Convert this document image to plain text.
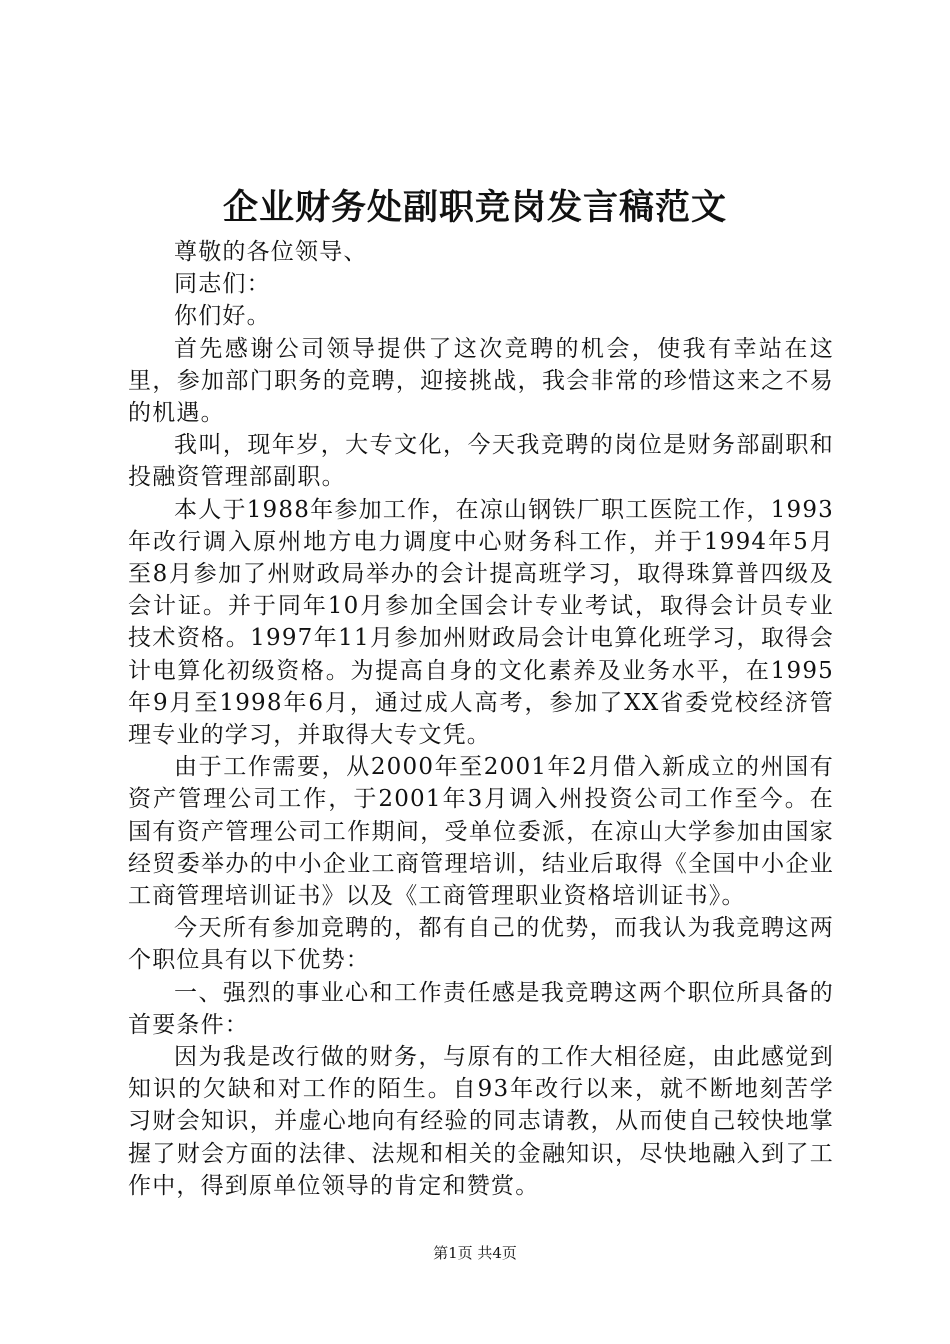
企业财务处副职竞岗发言稿范文

尊敬的各位领导、

同志们：

你们好。

首先感谢公司领导提供了这次竞聘的机会，使我有幸站在这里，参加部门职务的竞聘，迎接挑战，我会非常的珍惜这来之不易的机遇。

我叫，现年岁，大专文化，今天我竞聘的岗位是财务部副职和投融资管理部副职。

本人于1988年参加工作，在凉山钢铁厂职工医院工作，1993年改行调入原州地方电力调度中心财务科工作，并于1994年5月至8月参加了州财政局举办的会计提高班学习，取得珠算普四级及会计证。并于同年10月参加全国会计专业考试，取得会计员专业技术资格。1997年11月参加州财政局会计电算化班学习，取得会计电算化初级资格。为提高自身的文化素养及业务水平，在1995年9月至1998年6月，通过成人高考，参加了XX省委党校经济管理专业的学习，并取得大专文凭。

由于工作需要，从2000年至2001年2月借入新成立的州国有资产管理公司工作，于2001年3月调入州投资公司工作至今。在国有资产管理公司工作期间，受单位委派，在凉山大学参加由国家经贸委举办的中小企业工商管理培训，结业后取得《全国中小企业工商管理培训证书》以及《工商管理职业资格培训证书》。

今天所有参加竞聘的，都有自己的优势，而我认为我竞聘这两个职位具有以下优势：

一、强烈的事业心和工作责任感是我竞聘这两个职位所具备的首要条件：

因为我是改行做的财务，与原有的工作大相径庭，由此感觉到知识的欠缺和对工作的陌生。自93年改行以来，就不断地刻苦学习财会知识，并虚心地向有经验的同志请教，从而使自己较快地掌握了财会方面的法律、法规和相关的金融知识，尽快地融入到了工作中，得到原单位领导的肯定和赞赏。

第1页 共4页
